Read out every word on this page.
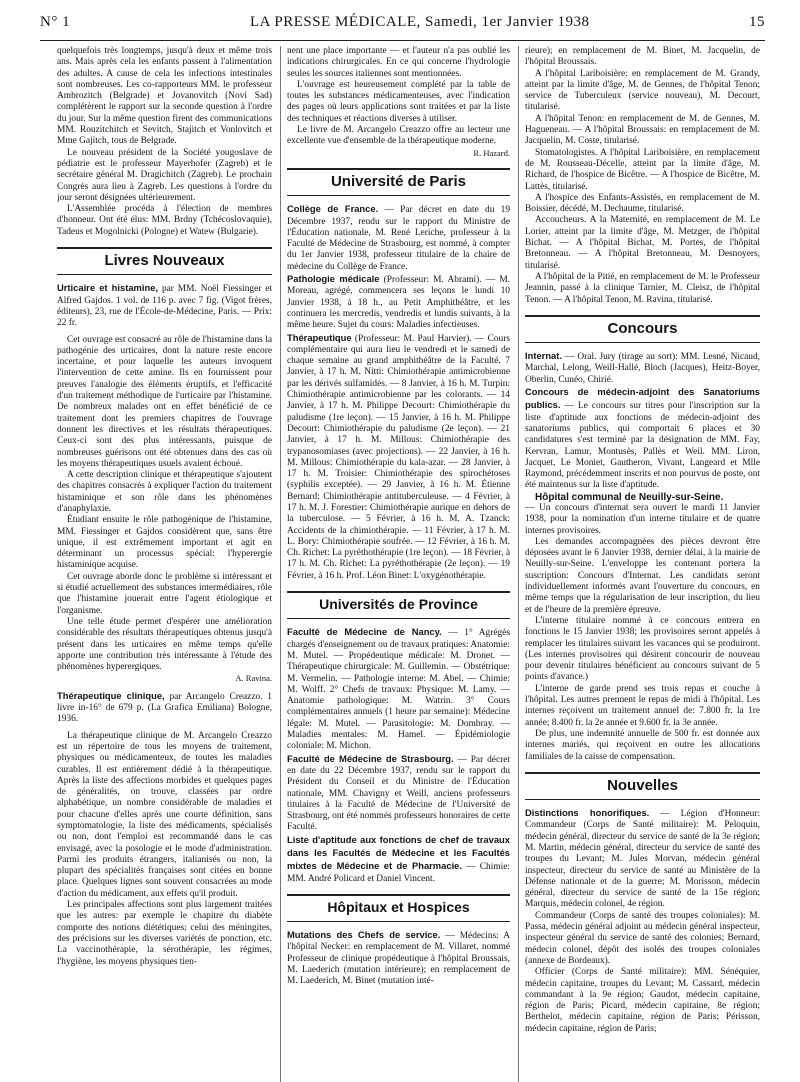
N° 1	LA PRESSE MÉDICALE, Samedi, 1er Janvier 1938	15

quelquefois très longtemps, jusqu'à deux et même trois ans. Mais après cela les enfants passent à l'alimentation des adultes. A cause de cela les infections intestinales sont nombreuses. Les co-rapporteurs MM. le professeur Ambrozitch (Belgrade) et Jovanovitch (Novi Sad) complétèrent le rapport sur la seconde question à l'ordre du jour. Sur la même question firent des communications MM. Rouzitchitch et Sevitch, Stajitch et Vonlovitch et Mme Gajitch, tous de Belgrade.

Le nouveau président de la Société yougoslave de pédiatrie est le professeur Mayerhofer (Zagreb) et le secrétaire général M. Dragichitch (Zagreb). Le prochain Congrès aura lieu à Zagreb. Les questions à l'ordre du jour seront désignées ultérieurement.

L'Assemblée procéda à l'élection de membres d'honneur. Ont été élus: MM. Brdny (Tchécoslovaquie), Tadeus et Mogolnicki (Pologne) et Watew (Bulgarie).

Livres Nouveaux

Urticaire et histamine, par MM. Noël Fiessinger et Alfred Gajdos. 1 vol. de 116 p. avec 7 fig. (Vigot frères, éditeurs), 23, rue de l'École-de-Médecine, Paris. — Prix: 22 fr.

Cet ouvrage est consacré au rôle de l'histamine dans la pathogénie des urticaires, dont la nature reste encore incertaine, et pour laquelle les auteurs invoquent l'intervention de cette amine. Ils en fournissent pour preuves l'analogie des éléments éruptifs, et l'efficacité d'un traitement méthodique de l'urticaire par l'histamine. De nombreux malades ont en effet bénéficié de ce traitement dont les premiers chapitres de l'ouvrage donnent les directives et les résultats thérapeutiques. Ceux-ci sont des plus intéressants, puisque de nombreuses guérisons ont été obtenues dans des cas où les moyens thérapeutiques usuels avaient échoué.

A cette description clinique et thérapeutique s'ajoutent des chapitres consacrés à expliquer l'action du traitement histaminique et son rôle dans les phénomènes d'anaphylaxie.

Étudiant ensuite le rôle pathogénique de l'histamine, MM. Fiessinger et Gajdos considèrent que, sans être unique, il est extrêmement important et agit en déterminant un processus spécial: l'hyperergie histaminique acquise.

Cet ouvrage aborde donc le problème si intéressant et si étudié actuellement des substances intermédiaires, rôle que l'histamine jouerait entre l'agent étiologique et l'organisme.

Une telle étude permet d'espérer une amélioration considérable des résultats thérapeutiques obtenus jusqu'à présent dans les urticaires en même temps qu'elle apporte une contribution très intéressante à l'étude des phénomènes hyperergiques.

A. Ravina.

Thérapeutique clinique, par Arcangelo Creazzo. 1 livre in-16° de 679 p. (La Grafica Emiliana) Bologne, 1936.

La thérapeutique clinique de M. Arcangelo Creazzo est un répertoire de tous les moyens de traitement, physiques ou médicamenteux, de toutes les maladies curables. Il est entièrement dédié à la thérapeutique. Après la liste des affections morbides et quelques pages de généralités, on trouve, classées par ordre alphabétique, un nombre considérable de maladies et pour chacune d'elles après une courte définition, sans symptomatologie, la liste des médicaments, spécialisés ou non, dont l'emploi est recommandé dans le cas envisagé, avec la posologie et le mode d'administration. Parmi les produits étrangers, italianisés ou non, la plupart des spécialités françaises sont citées en bonne place. Quelques lignes sont souvent consacrées au mode d'action du médicament, aux effets qu'il produit.

Les principales affections sont plus largement traitées que les autres: par exemple le chapitre du diabète comporte des notions diététiques; celui des méningites, des précisions sur les diverses variétés de ponction, etc. La vaccinothérapie, la sérothérapie, les régimes, l'hygiène, les moyens physiques tien-

nent une place importante — et l'auteur n'a pas oublié les indications chirurgicales. En ce qui concerne l'hydrologie seules les sources italiennes sont mentionnées.

L'ouvrage est heureusement complété par la table de toutes les substances médicamenteuses, avec l'indication des pages où leurs applications sont traitées et par la liste des techniques et réactions diverses à utiliser.

Le livre de M. Arcangelo Creazzo offre au lecteur une excellente vue d'ensemble de la thérapeutique moderne.

R. Hazard.

Université de Paris

Collège de France. — Par décret en date du 19 Décembre 1937, rendu sur le rapport du Ministre de l'Éducation nationale, M. René Leriche, professeur à la Faculté de Médecine de Strasbourg, est nommé, à compter du 1er Janvier 1938, professeur titulaire de la chaire de médecine du Collège de France.

Pathologie médicale (Professeur: M. Abrami). — M. Moreau, agrégé, commencera ses leçons le lundi 10 Janvier 1938, à 18 h., au Petit Amphithéâtre, et les continuera les mercredis, vendredis et lundis suivants, à la même heure. Sujet du cours: Maladies infectieuses.

Thérapeutique (Professeur: M. Paul Harvier). — Cours complémentaire qui aura lieu le vendredi et le samedi de chaque semaine au grand amphithéâtre de la Faculté. 7 Janvier, à 17 h. M. Nitti: Chimiothérapie antimicrobienne par les dérivés sulfamidés. — 8 Janvier, à 16 h. M. Turpin: Chimiothérapie antimicrobienne par les colorants. — 14 Janvier, à 17 h. M. Philippe Decourt: Chimiothérapie du paludisme (1re leçon). — 15 Janvier, à 16 h. M. Philippe Decourt: Chimiothérapie du paludisme (2e leçon). — 21 Janvier, à 17 h. M. Millous: Chimiothérapie des trypanosomiases (avec projections). — 22 Janvier, à 16 h. M. Millous: Chimiothérapie du kala-azar. — 28 Janvier, à 17 h. M. Troisier: Chimiothérapie des spirochétoses (syphilis exceptée). — 29 Janvier, à 16 h. M. Étienne Bernard: Chimiothérapie antituberculeuse. — 4 Février, à 17 h. M. J. Forestier: Chimiothérapie aurique en dehors de la tuberculose. — 5 Février, à 16 h. M. A. Tzanck: Accidents de la chimiothérapie. — 11 Février, à 17 h. M. L. Bory: Chimiothérapie soufrée. — 12 Février, à 16 h. M. Ch. Richet: La pyréthothérapie (1re leçon). — 18 Février, à 17 h. M. Ch. Richet: La pyréthothérapie (2e leçon). — 19 Février, à 16 h. Prof. Léon Binet: L'oxygénothérapie.

Universités de Province

Faculté de Médecine de Nancy. — 1° Agrégés chargés d'enseignement ou de travaux pratiques: Anatomie: M. Mutel. — Propédeutique médicale: M. Dronet. — Thérapeutique chirurgicale: M. Guillemin. — Obstétrique: M. Vermelin. — Pathologie interne: M. Abel. — Chimie: M. Wolff. 2° Chefs de travaux: Physique: M. Lamy. — Anatomie pathologique: M. Watrin. 3° Cours complémentaires annuels (1 heure par semaine): Médecine légale: M. Mutel. — Parasitologie: M. Dombray. — Maladies mentales: M. Hamel. — Épidémiologie coloniale: M. Michon.

Faculté de Médecine de Strasbourg. — Par décret en date du 22 Décembre 1937, rendu sur le rapport du Président du Conseil et du Ministre de l'Éducation nationale, MM. Chavigny et Weill, anciens professeurs titulaires à la Faculté de Médecine de l'Université de Strasbourg, ont été nommés professeurs honoraires de cette Faculté.

Liste d'aptitude aux fonctions de chef de travaux dans les Facultés de Médecine et les Facultés mixtes de Médecine et de Pharmacie. — Chimie: MM. André Policard et Daniel Vincent.

Hôpitaux et Hospices

Mutations des Chefs de service. — Médecins: A l'hôpital Necker: en remplacement de M. Villaret, nommé Professeur de clinique propédeutique à l'hôpital Broussais, M. Laederich (mutation intérieure); en remplacement de M. Laederich, M. Binet (mutation inté-

rieure); en remplacement de M. Binet, M. Jacquelin, de l'hôpital Broussais.

A l'hôpital Lariboisière: en remplacement de M. Grandy, atteint par la limite d'âge, M. de Gennes, de l'hôpital Tenon; service de Tuberculeux (service nouveau), M. Decourt, titularisé.

A l'hôpital Tenon: en remplacement de M. de Gennes, M. Hagueneau. — A l'hôpital Broussais: en remplacement de M. Jacquelin, M. Coste, titularisé.

Stomatologistes. A l'hôpital Lariboisière, en remplacement de M. Rousseau-Décelle, atteint par la limite d'âge, M. Richard, de l'hospice de Bicêtre. — A l'hospice de Bicêtre, M. Lattès, titularisé.

A l'hospice des Enfants-Assistés, en remplacement de M. Boissier, décédé, M. Dechaume, titularisé.

Accoucheurs. A la Maternité, en remplacement de M. Le Lorier, atteint par la limite d'âge, M. Metzger, de l'hôpital Bichat. — A l'hôpital Bichat, M. Portes, de l'hôpital Bretonneau. — A l'hôpital Bretonneau, M. Desnoyers, titularisé.

A l'hôpital de la Pitié, en remplacement de M. le Professeur Jeannin, passé à la clinique Tarnier, M. Cleisz, de l'hôpital Tenon. — A l'hôpital Tenon, M. Ravina, titularisé.

Concours

Internat. — Oral. Jury (tirage au sort): MM. Lesné, Nicaud, Marchal, Lelong, Weill-Hallé, Bloch (Jacques), Heitz-Boyer, Oberlin, Cunéo, Chirié.

Concours de médecin-adjoint des Sanatoriums publics. — Le concours sur titres pour l'inscription sur la liste d'aptitude aux fonctions de médecin-adjoint des sanatoriums publics, qui comportait 6 places et 30 candidatures s'est terminé par la désignation de MM. Fay, Kervran, Lamur, Montusès, Pallès et Weil. MM. Liron, Jacquet, Le Moniet, Gautheron, Vivant, Langeard et Mlle Raymond, précédemment inscrits et non pourvus de poste, ont été maintenus sur la liste d'aptitude.

Hôpital communal de Neuilly-sur-Seine.

— Un concours d'internat sera ouvert le mardi 11 Janvier 1938, pour la nomination d'un interne titulaire et de quatre internes provisoires.

Les demandes accompagnées des pièces devront être déposées avant le 6 Janvier 1938, dernier délai, à la mairie de Neuilly-sur-Seine. L'enveloppe les contenant portera la suscription: Concours d'Internat. Les candidats seront individuellement informés avant l'ouverture du concours, en même temps que la régularisation de leur inscription, du lieu et de l'heure de la première épreuve.

L'interne titulaire nommé à ce concours entrera en fonctions le 15 Janvier 1938; les provisoires seront appelés à remplacer les titulaires suivant les vacances qui se produiront. (Les internes provisoires qui désirent concourir de nouveau pour devenir titulaires bénéficient au concours suivant de 5 points d'avance.)

L'interne de garde prend ses trois repas et couche à l'hôpital. Les autres prennent le repas de midi à l'hôpital. Les internes reçoivent un traitement annuel de: 7.800 fr. la 1re année; 8.400 fr. la 2e année et 9.600 fr. la 3e année.

De plus, une indemnité annuelle de 500 fr. est donnée aux internes mariés, qui reçoivent en outre les allocations familiales de la caisse de compensation.

Nouvelles

Distinctions honorifiques. — Légion d'Honneur: Commandeur (Corps de Santé militaire): M. Peloquin, médecin général, directeur du service de santé de la 3e région; M. Martin, médecin général, directeur du service de santé des troupes du Levant; M. Jules Morvan, médecin général inspecteur, directeur du service de santé au Ministère de la Défense nationale et de la guerre; M. Morisson, médecin général, directeur du service de santé de la 15e région; Marquis, médecin colonel, 4e région.

Commandeur (Corps de santé des troupes coloniales): M. Passa, médecin général adjoint au médecin général inspecteur, inspecteur général du service de santé des colonies; Bernard, médecin colonel, dépôt des isolés des troupes coloniales (annexe de Bordeaux).

Officier (Corps de Santé militaire): MM. Sénéquier, médecin capitaine, troupes du Levant; M. Cassard, médecin commandant à la 9e région; Gaudot, médecin capitaine, région de Paris; Picard, médecin capitaine, 8e région; Berthelot, médecin capitaine, région de Paris; Périsson, médecin capitaine, région de Paris;
